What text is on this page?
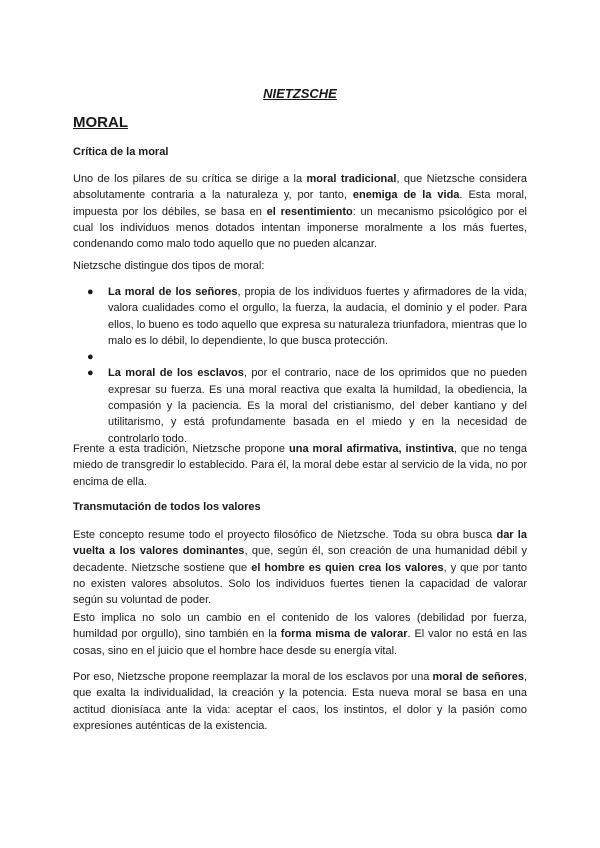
NIETZSCHE
MORAL
Crítica de la moral

Uno de los pilares de su crítica se dirige a la moral tradicional, que Nietzsche considera absolutamente contraria a la naturaleza y, por tanto, enemiga de la vida. Esta moral, impuesta por los débiles, se basa en el resentimiento: un mecanismo psicológico por el cual los individuos menos dotados intentan imponerse moralmente a los más fuertes, condenando como malo todo aquello que no pueden alcanzar.

Nietzsche distingue dos tipos de moral:

● La moral de los señores, propia de los individuos fuertes y afirmadores de la vida, valora cualidades como el orgullo, la fuerza, la audacia, el dominio y el poder. Para ellos, lo bueno es todo aquello que expresa su naturaleza triunfadora, mientras que lo malo es lo débil, lo dependiente, lo que busca protección.
●
● La moral de los esclavos, por el contrario, nace de los oprimidos que no pueden expresar su fuerza. Es una moral reactiva que exalta la humildad, la obediencia, la compasión y la paciencia. Es la moral del cristianismo, del deber kantiano y del utilitarismo, y está profundamente basada en el miedo y en la necesidad de controlarlo todo.

Frente a esta tradición, Nietzsche propone una moral afirmativa, instintiva, que no tenga miedo de transgredir lo establecido. Para él, la moral debe estar al servicio de la vida, no por encima de ella.

Transmutación de todos los valores

Este concepto resume todo el proyecto filosófico de Nietzsche. Toda su obra busca dar la vuelta a los valores dominantes, que, según él, son creación de una humanidad débil y decadente. Nietzsche sostiene que el hombre es quien crea los valores, y que por tanto no existen valores absolutos. Solo los individuos fuertes tienen la capacidad de valorar según su voluntad de poder.

Esto implica no solo un cambio en el contenido de los valores (debilidad por fuerza, humildad por orgullo), sino también en la forma misma de valorar. El valor no está en las cosas, sino en el juicio que el hombre hace desde su energía vital.

Por eso, Nietzsche propone reemplazar la moral de los esclavos por una moral de señores, que exalta la individualidad, la creación y la potencia. Esta nueva moral se basa en una actitud dionisíaca ante la vida: aceptar el caos, los instintos, el dolor y la pasión como expresiones auténticas de la existencia.
